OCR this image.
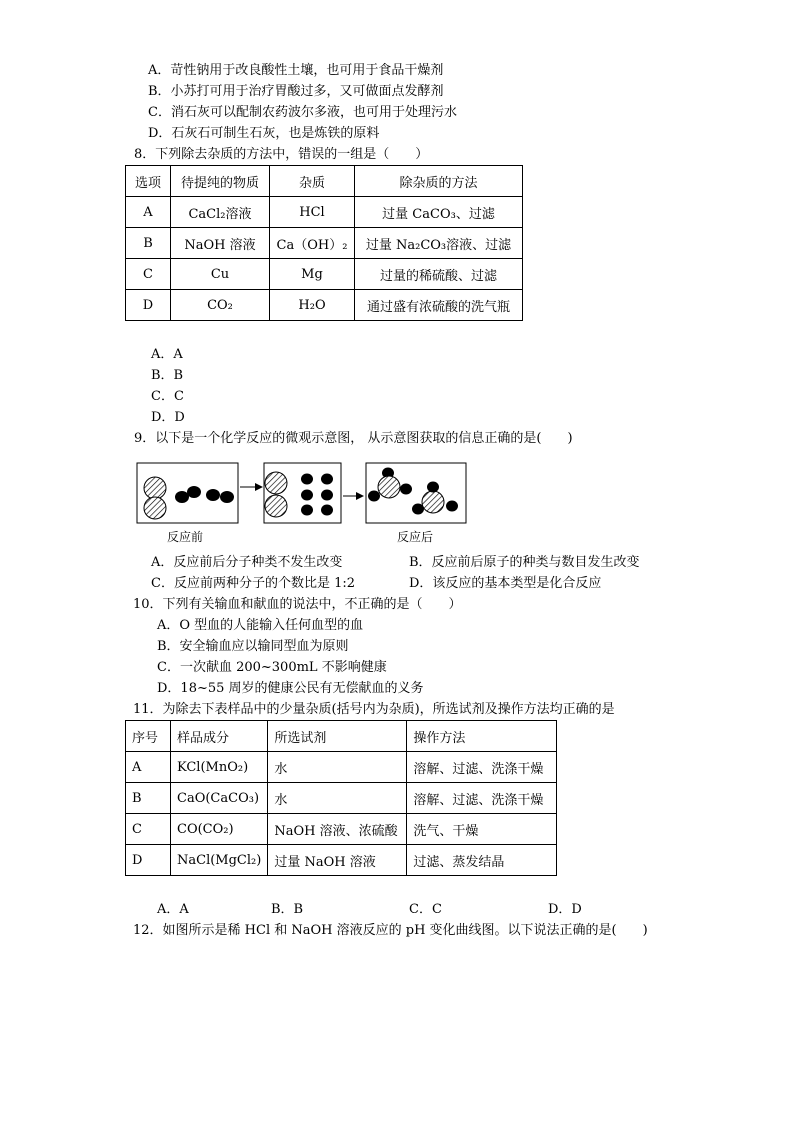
A．苛性钠用于改良酸性土壤，也可用于食品干燥剂
B．小苏打可用于治疗胃酸过多，又可做面点发酵剂
C．消石灰可以配制农药波尔多液，也可用于处理污水
D．石灰石可制生石灰，也是炼铁的原料
8．下列除去杂质的方法中，错误的一组是（　　）
选项	待提纯的物质	杂质	除杂质的方法
A	CaCl₂溶液	HCl	过量 CaCO₃、过滤
B	NaOH 溶液	Ca（OH）₂	过量 Na₂CO₃溶液、过滤
C	Cu	Mg	过量的稀硫酸、过滤
D	CO₂	H₂O	通过盛有浓硫酸的洗气瓶
A．A
B．B
C．C
D．D
9．以下是一个化学反应的微观示意图， 从示意图获取的信息正确的是(　　)
反应前	反应后
A．反应前后分子种类不发生改变	B．反应前后原子的种类与数目发生改变
C．反应前两种分子的个数比是 1:2	D．该反应的基本类型是化合反应
10．下列有关输血和献血的说法中，不正确的是（　　）
A．O 型血的人能输入任何血型的血
B．安全输血应以输同型血为原则
C．一次献血 200~300mL 不影响健康
D．18~55 周岁的健康公民有无偿献血的义务
11．为除去下表样品中的少量杂质(括号内为杂质)，所选试剂及操作方法均正确的是
序号	样品成分	所选试剂	操作方法
A	KCl(MnO₂)	水	溶解、过滤、洗涤干燥
B	CaO(CaCO₃)	水	溶解、过滤、洗涤干燥
C	CO(CO₂)	NaOH 溶液、浓硫酸	洗气、干燥
D	NaCl(MgCl₂)	过量 NaOH 溶液	过滤、蒸发结晶
A．A	B．B	C．C	D．D
12．如图所示是稀 HCl 和 NaOH 溶液反应的 pH 变化曲线图。以下说法正确的是(　　)
